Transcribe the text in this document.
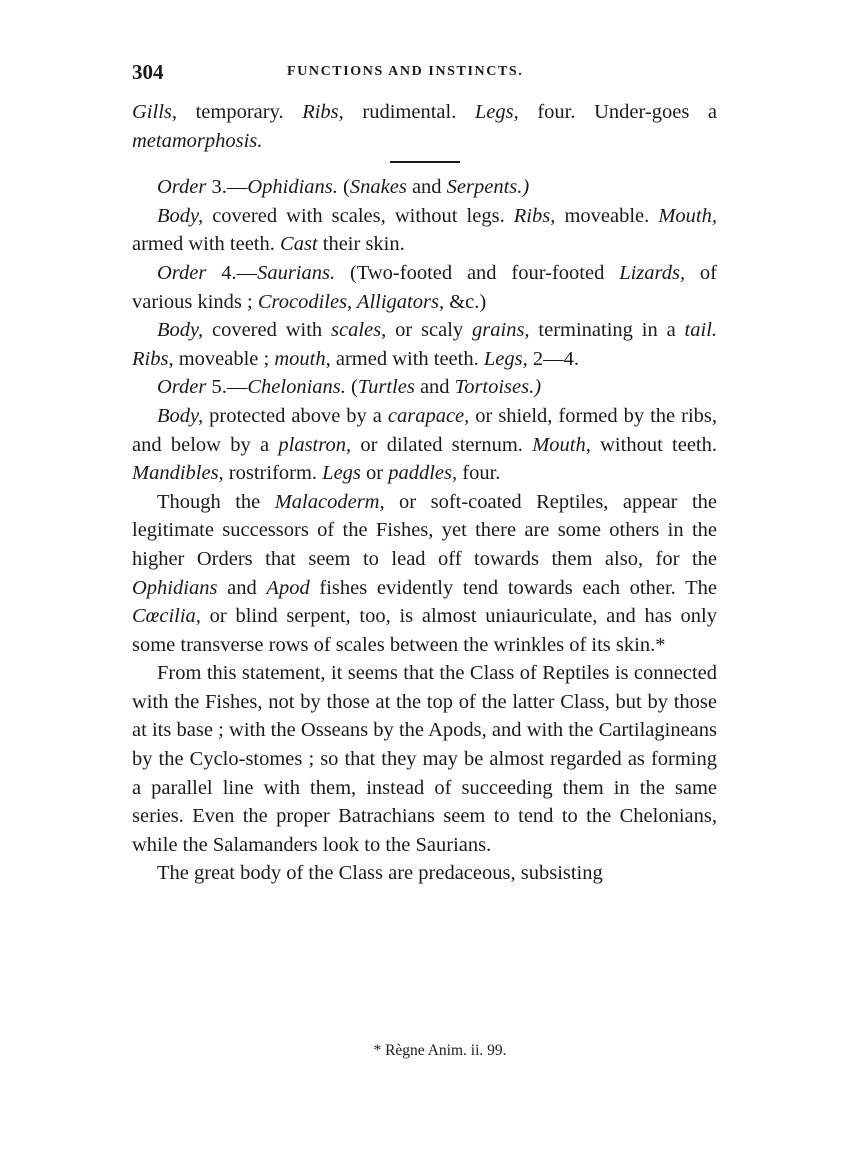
304	FUNCTIONS AND INSTINCTS.

Gills, temporary. Ribs, rudimental. Legs, four. Under-goes a metamorphosis.

Order 3.—Ophidians. (Snakes and Serpents.)

Body, covered with scales, without legs. Ribs, moveable. Mouth, armed with teeth. Cast their skin.

Order 4.—Saurians. (Two-footed and four-footed Lizards, of various kinds ; Crocodiles, Alligators, &c.)

Body, covered with scales, or scaly grains, terminating in a tail. Ribs, moveable ; mouth, armed with teeth. Legs, 2—4.

Order 5.—Chelonians. (Turtles and Tortoises.)

Body, protected above by a carapace, or shield, formed by the ribs, and below by a plastron, or dilated sternum. Mouth, without teeth. Mandibles, rostriform. Legs or paddles, four.

Though the Malacoderm, or soft-coated Reptiles, appear the legitimate successors of the Fishes, yet there are some others in the higher Orders that seem to lead off towards them also, for the Ophidians and Apod fishes evidently tend towards each other. The Cœcilia, or blind serpent, too, is almost uniauriculate, and has only some transverse rows of scales between the wrinkles of its skin.*

From this statement, it seems that the Class of Reptiles is connected with the Fishes, not by those at the top of the latter Class, but by those at its base ; with the Osseans by the Apods, and with the Cartilagineans by the Cyclo-stomes ; so that they may be almost regarded as forming a parallel line with them, instead of succeeding them in the same series. Even the proper Batrachians seem to tend to the Chelonians, while the Salamanders look to the Saurians.

The great body of the Class are predaceous, subsisting

* Règne Anim. ii. 99.
